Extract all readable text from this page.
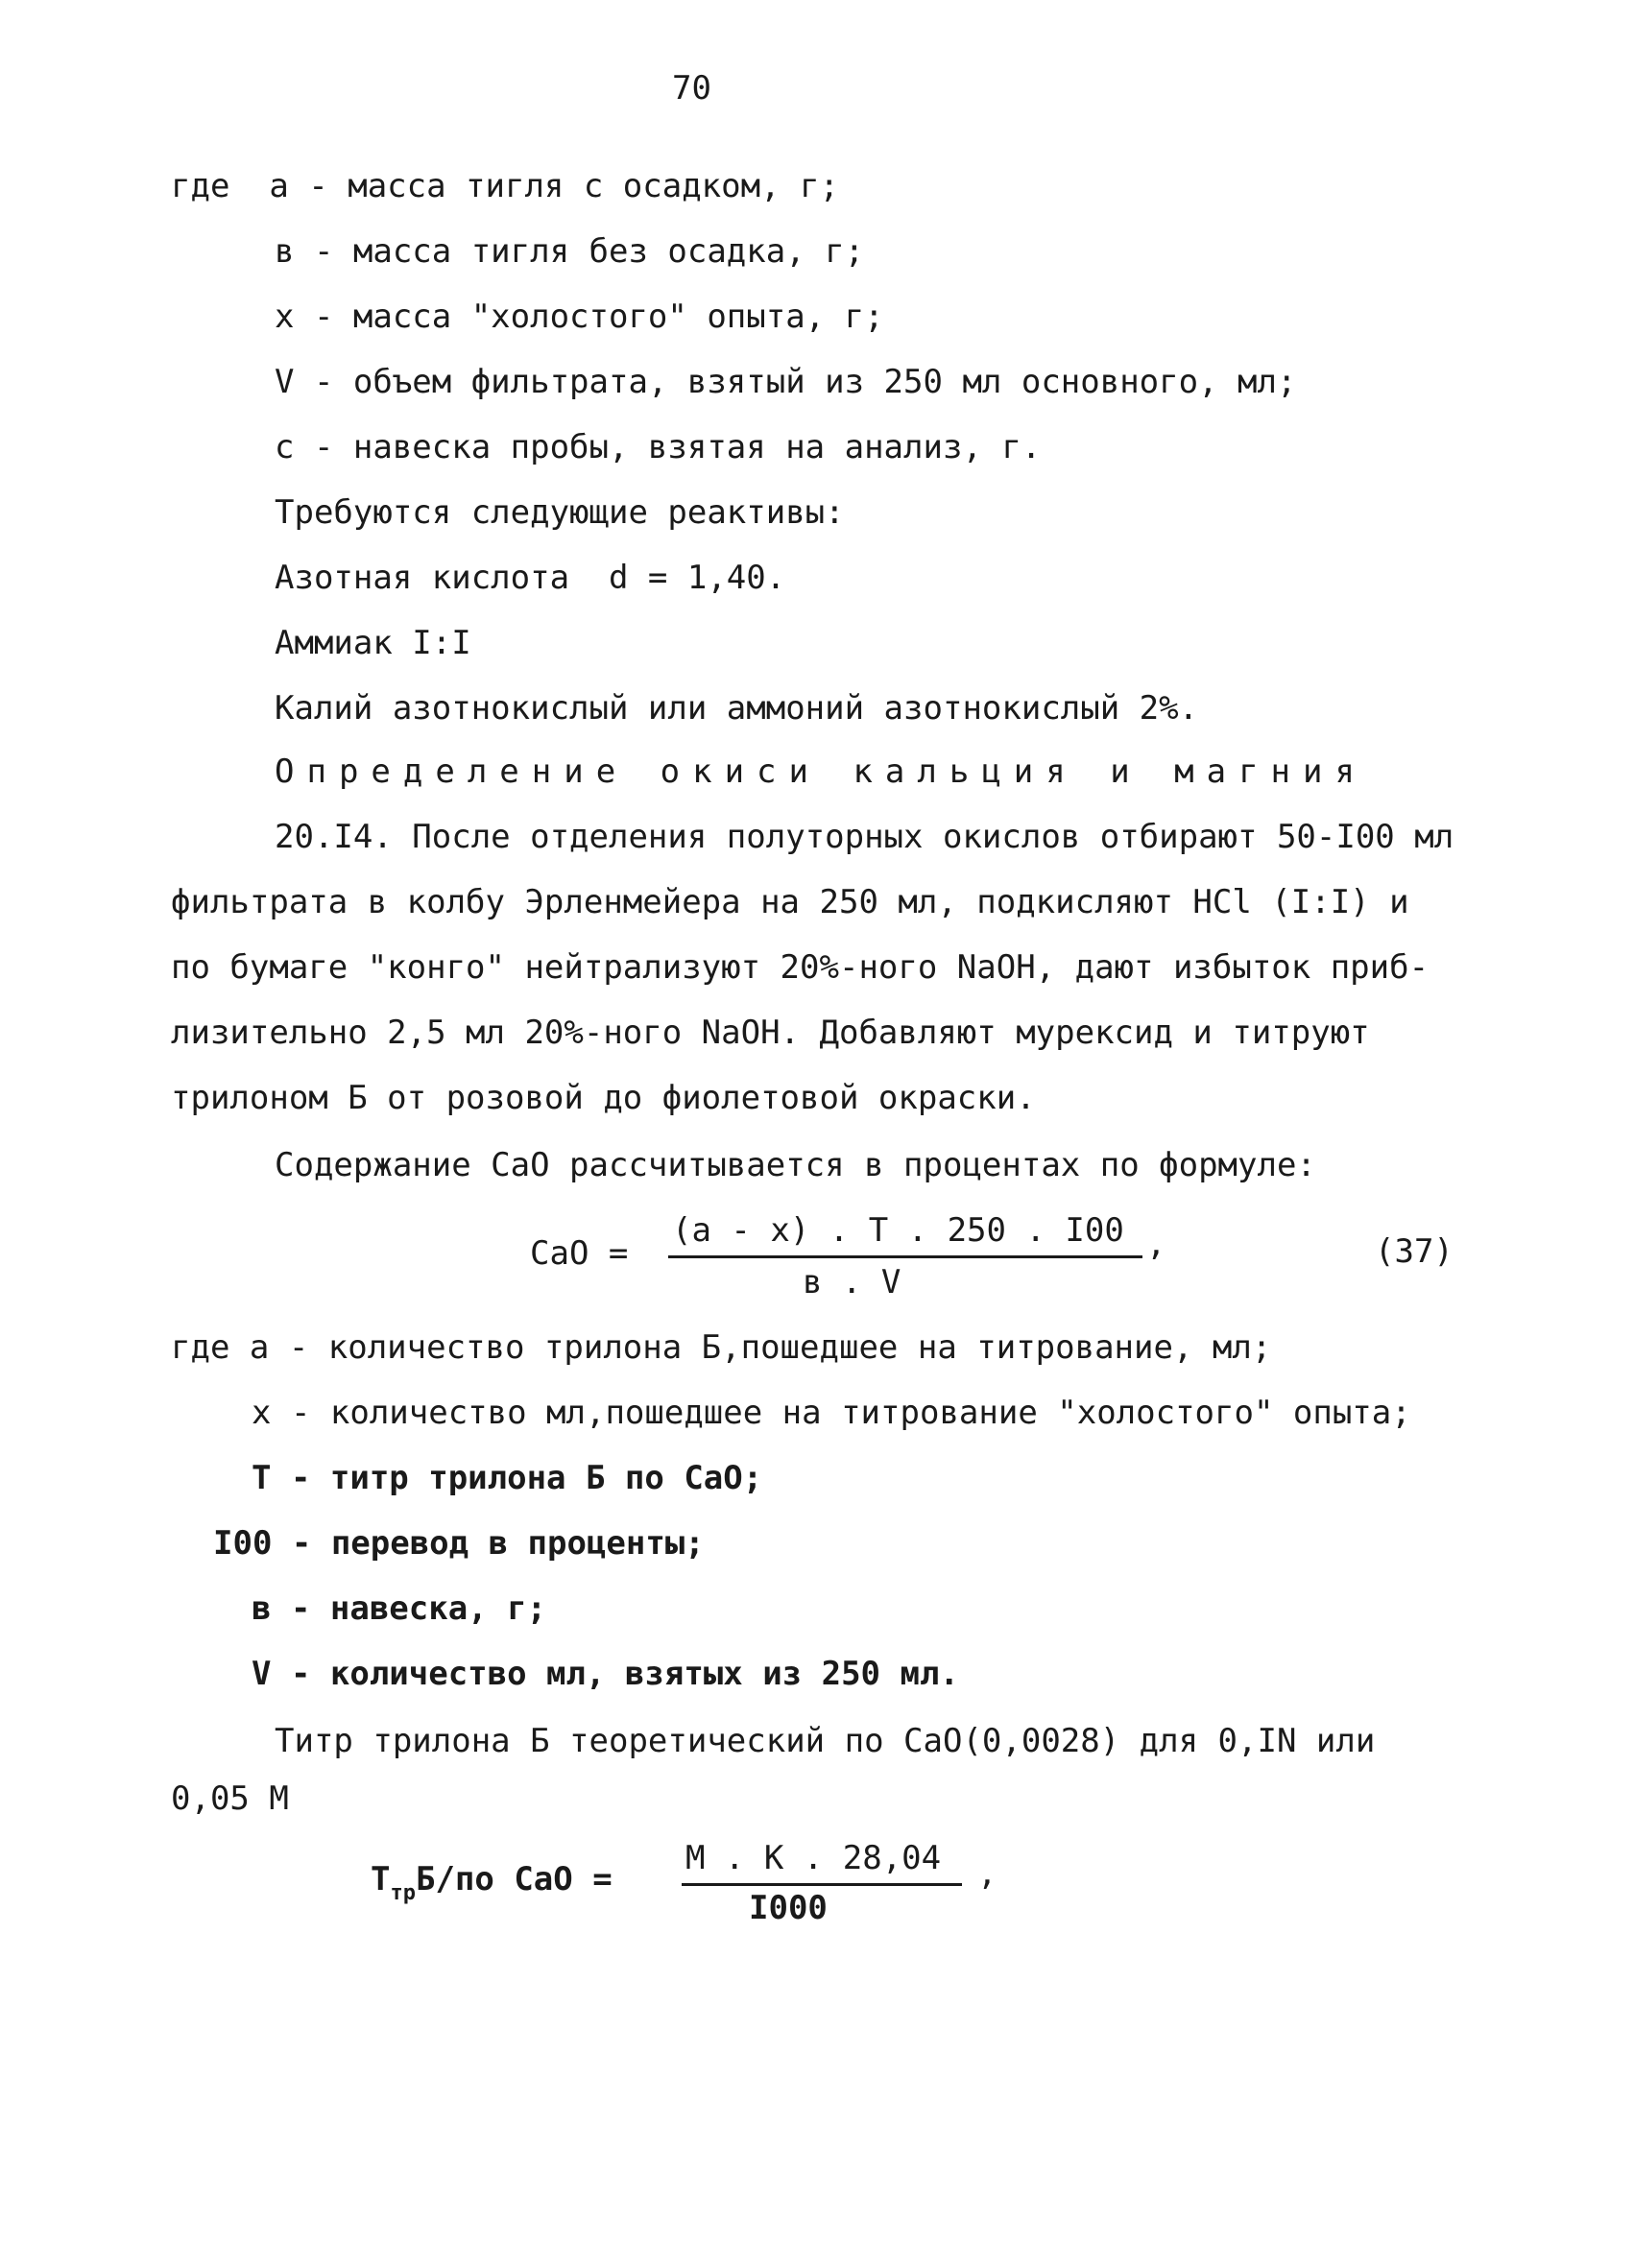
70
где  а - масса тигля с осадком, г;
в - масса тигля без осадка, г;
х - масса "холостого" опыта, г;
V - объем фильтрата, взятый из 250 мл основного, мл;
с - навеска пробы, взятая на анализ, г.
Требуются следующие реактивы:
Азотная кислота  d = 1,40.
Аммиак I:I
Калий азотнокислый или аммоний азотнокислый 2%.
Определение окиси кальция и магния
20.I4. После отделения полуторных окислов отбирают 50-I00 мл
фильтрата в колбу Эрленмейера на 250 мл, подкисляют HCl (I:I) и
по бумаге "конго" нейтрализуют 20%-ного NaOH, дают избыток приб-
лизительно 2,5 мл 20%-ного NaOH. Добавляют мурексид и титруют
трилоном Б от розовой до фиолетовой окраски.
Содержание CaO рассчитывается в процентах по формуле:
CaO =
(a - x) . T . 250 . I00
в . V
,	(37)
где а - количество трилона Б,пошедшее на титрование, мл;
х - количество мл,пошедшее на титрование "холостого" опыта;
Т - титр трилона Б по CaO;
I00 - перевод в проценты;
в - навеска, г;
V - количество мл, взятых из 250 мл.
Титр трилона Б теоретический по CaO(0,0028) для 0,IN или
0,05 M
$T_{тр}Б/по$ CaO =
M . K . 28,04
I000
,
